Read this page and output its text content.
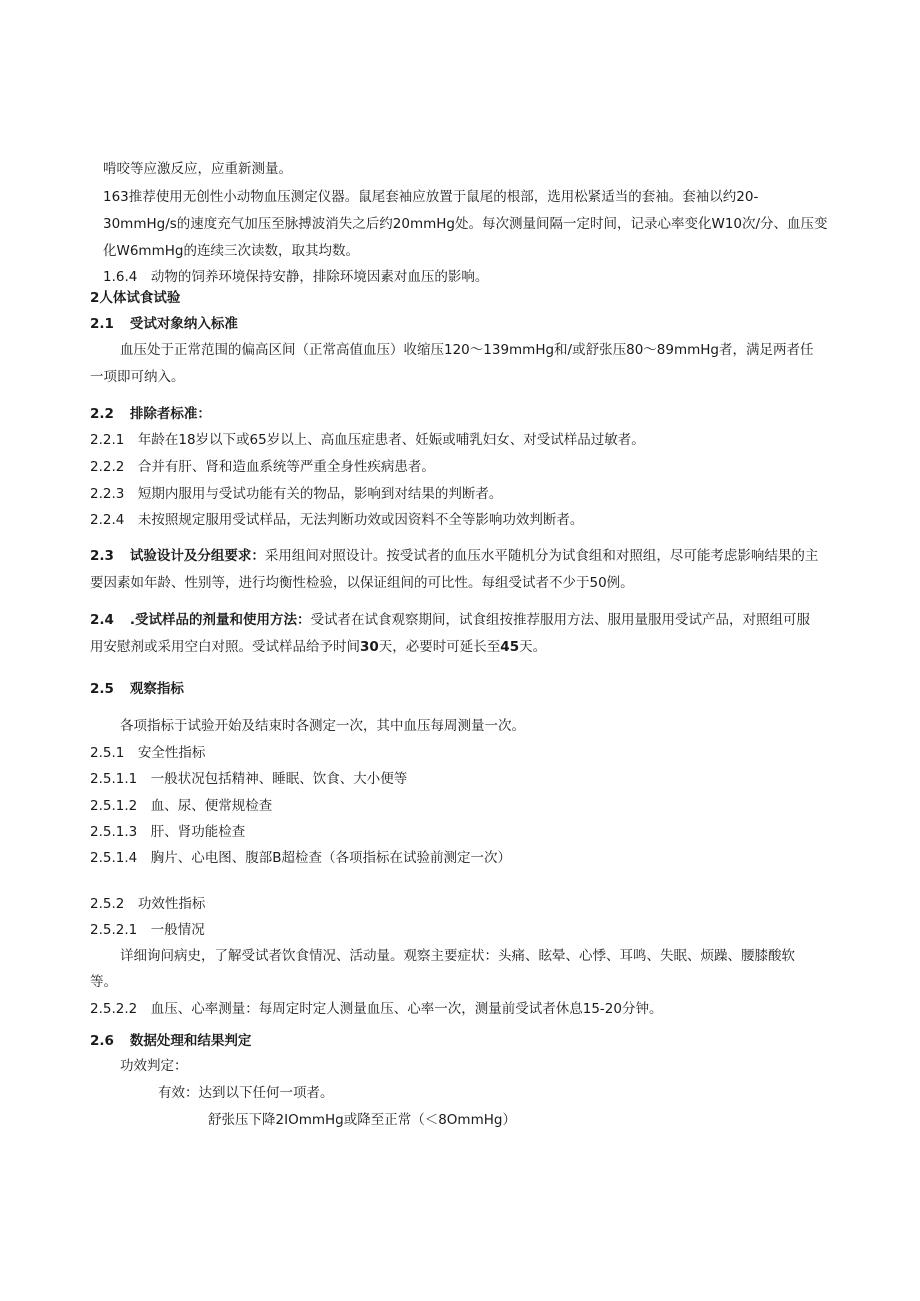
啃咬等应激反应，应重新测量。
163推荐使用无创性小动物血压测定仪器。鼠尾套袖应放置于鼠尾的根部，选用松紧适当的套袖。套袖以约20-
30mmHg∕s的速度充气加压至脉搏波消失之后约20mmHg处。每次测量间隔一定时间，记录心率变化W10次/分、血压变
化W6mmHg的连续三次读数，取其均数。
1.6.4　动物的饲养环境保持安静，排除环境因素对血压的影响。
2人体试食试验
2.1 受试对象纳入标准
血压处于正常范围的偏高区间（正常高值血压）收缩压120～139mmHg和/或舒张压80～89mmHg者，满足两者任
一项即可纳入。
2.2 排除者标准：
2.2.1　年龄在18岁以下或65岁以上、高血压症患者、妊娠或哺乳妇女、对受试样品过敏者。
2.2.2　合并有肝、肾和造血系统等严重全身性疾病患者。
2.2.3　短期内服用与受试功能有关的物品，影响到对结果的判断者。
2.2.4　未按照规定服用受试样品，无法判断功效或因资料不全等影响功效判断者。
2.3 试验设计及分组要求：采用组间对照设计。按受试者的血压水平随机分为试食组和对照组，尽可能考虑影响结果的主
要因素如年龄、性别等，进行均衡性检验，以保证组间的可比性。每组受试者不少于50例。
2.4 .受试样品的剂量和使用方法：受试者在试食观察期间，试食组按推荐服用方法、服用量服用受试产品，对照组可服
用安慰剂或采用空白对照。受试样品给予时间30天，必要时可延长至45天。
2.5 观察指标
各项指标于试验开始及结束时各测定一次，其中血压每周测量一次。
2.5.1　安全性指标
2.5.1.1　一般状况包括精神、睡眠、饮食、大小便等
2.5.1.2　血、尿、便常规检查
2.5.1.3　肝、肾功能检查
2.5.1.4　胸片、心电图、腹部B超检查（各项指标在试验前测定一次）
2.5.2　功效性指标
2.5.2.1　一般情况
详细询问病史，了解受试者饮食情况、活动量。观察主要症状：头痛、眩晕、心悸、耳鸣、失眠、烦躁、腰膝酸软
等。
2.5.2.2　血压、心率测量：每周定时定人测量血压、心率一次，测量前受试者休息15-20分钟。
2.6 数据处理和结果判定
功效判定：
有效：达到以下任何一项者。
舒张压下降2IOmmHg或降至正常（＜8OmmHg）
